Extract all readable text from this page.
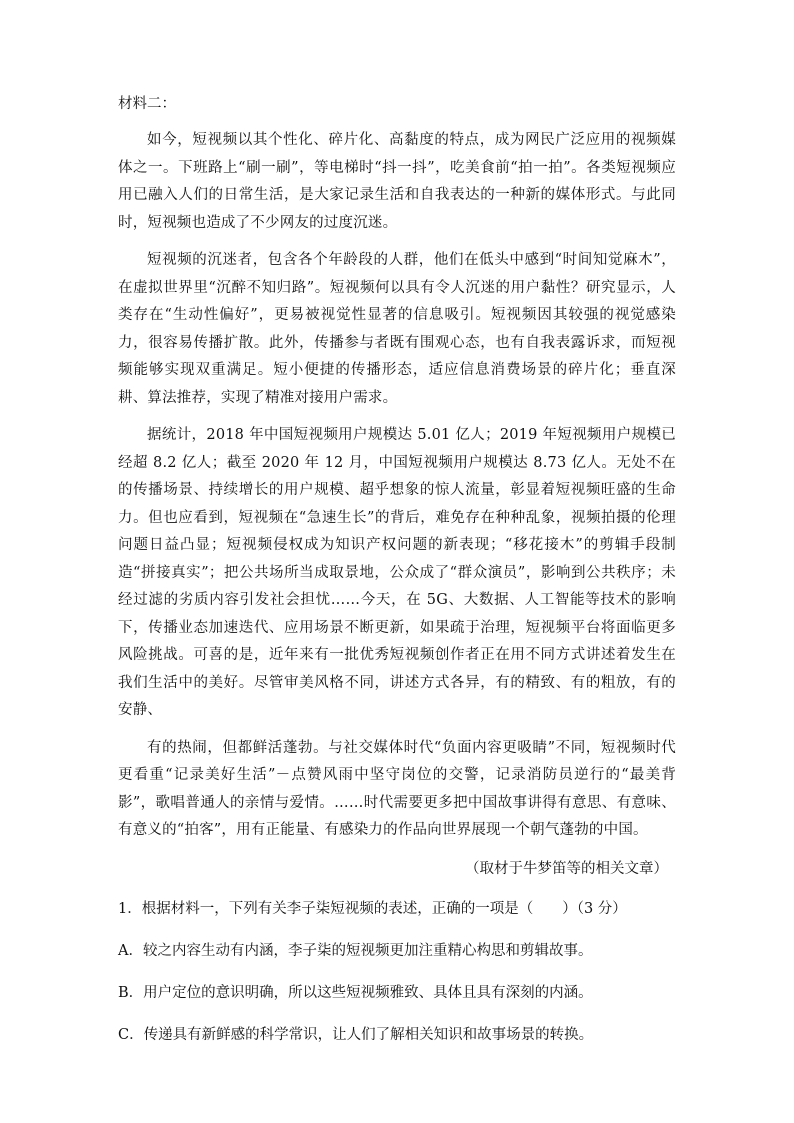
材料二：

如今，短视频以其个性化、碎片化、高黏度的特点，成为网民广泛应用的视频媒体之一。下班路上“刷一刷”，等电梯时“抖一抖”，吃美食前“拍一拍”。各类短视频应用已融入人们的日常生活，是大家记录生活和自我表达的一种新的媒体形式。与此同时，短视频也造成了不少网友的过度沉迷。

短视频的沉迷者，包含各个年龄段的人群，他们在低头中感到“时间知觉麻木”，在虚拟世界里“沉醉不知归路”。短视频何以具有令人沉迷的用户黏性？研究显示，人类存在“生动性偏好”，更易被视觉性显著的信息吸引。短视频因其较强的视觉感染力，很容易传播扩散。此外，传播参与者既有围观心态，也有自我表露诉求，而短视频能够实现双重满足。短小便捷的传播形态，适应信息消费场景的碎片化；垂直深耕、算法推荐，实现了精准对接用户需求。

据统计，2018 年中国短视频用户规模达 5.01 亿人；2019 年短视频用户规模已经超 8.2 亿人；截至 2020 年 12 月，中国短视频用户规模达 8.73 亿人。无处不在的传播场景、持续增长的用户规模、超乎想象的惊人流量，彰显着短视频旺盛的生命力。但也应看到，短视频在“急速生长”的背后，难免存在种种乱象，视频拍摄的伦理问题日益凸显；短视频侵权成为知识产权问题的新表现；“移花接木”的剪辑手段制造“拼接真实”；把公共场所当成取景地，公众成了“群众演员”，影响到公共秩序；未经过滤的劣质内容引发社会担忧……今天，在 5G、大数据、人工智能等技术的影响下，传播业态加速迭代、应用场景不断更新，如果疏于治理，短视频平台将面临更多风险挑战。可喜的是，近年来有一批优秀短视频创作者正在用不同方式讲述着发生在我们生活中的美好。尽管审美风格不同，讲述方式各异，有的精致、有的粗放，有的安静、

有的热闹，但都鲜活蓬勃。与社交媒体时代“负面内容更吸睛”不同，短视频时代更看重“记录美好生活”－点赞风雨中坚守岗位的交警，记录消防员逆行的“最美背影”，歌唱普通人的亲情与爱情。……时代需要更多把中国故事讲得有意思、有意味、有意义的“拍客”，用有正能量、有感染力的作品向世界展现一个朝气蓬勃的中国。

（取材于牛梦笛等的相关文章）
1．根据材料一，下列有关李子柒短视频的表述，正确的一项是（　　）（3 分）
A．较之内容生动有内涵，李子柒的短视频更加注重精心构思和剪辑故事。
B．用户定位的意识明确，所以这些短视频雅致、具体且具有深刻的内涵。
C．传递具有新鲜感的科学常识，让人们了解相关知识和故事场景的转换。
